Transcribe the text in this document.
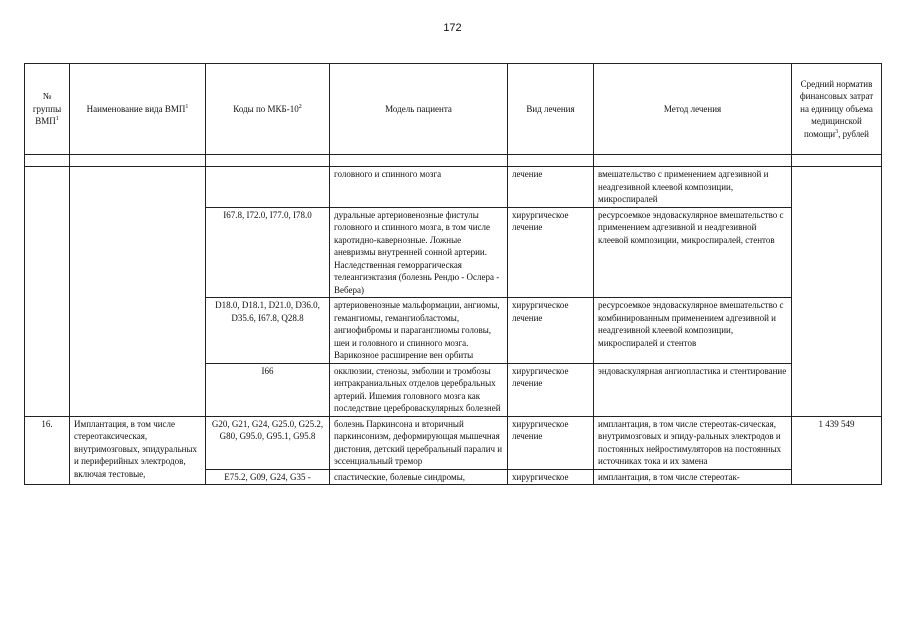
172
№ группы ВМП$^1$	Наименование вида ВМП$^1$	Коды по МКБ-$10^2$	Модель пациента	Вид лечения	Метод лечения	Средний норматив финансовых затрат на единицу объема медицинской помощи$^3$, рублей

			головного и спинного мозга	лечение	вмешательство с применением адгезивной и неадгезивной клеевой композиции, микроспиралей	
		I67.8, I72.0, I77.0, I78.0	дуральные артериовенозные фистулы головного и спинного мозга, в том числе каротидно-кавернозные. Ложные аневризмы внутренней сонной артерии. Наследственная геморрагическая телеангиэктазия (болезнь Рендю - Ослера - Вебера)	хирургическое лечение	ресурсоемкое эндоваскулярное вмешательство с применением адгезивной и неадгезивной клеевой композиции, микроспиралей, стентов	
		D18.0, D18.1, D21.0, D36.0, D35.6, I67.8, Q28.8	артериовенозные мальформации, ангиомы, гемангиомы, гемангиобластомы, ангиофибромы и параганглиомы головы, шеи и головного и спинного мозга. Варикозное расширение вен орбиты	хирургическое лечение	ресурсоемкое эндоваскулярное вмешательство с комбинированным применением адгезивной и неадгезивной клеевой композиции, микроспиралей и стентов	
		I66	окклюзии, стенозы, эмболии и тромбозы интракраниальных отделов церебральных артерий. Ишемия головного мозга как последствие цереброваскулярных болезней	хирургическое лечение	эндоваскулярная ангиопластика и стентирование	
16.	Имплантация, в том числе стереотаксическая, внутримозговых, эпидуральных и периферийных электродов, включая тестовые,	G20, G21, G24, G25.0, G25.2, G80, G95.0, G95.1, G95.8	болезнь Паркинсона и вторичный паркинсонизм, деформирующая мышечная дистония, детский церебральный паралич и эссенциальный тремор	хирургическое лечение	имплантация, в том числе стереотак-сическая, внутримозговых и эпиду-ральных электродов и постоянных нейростимуляторов на постоянных источниках тока и их замена	1 439 549
		E75.2, G09, G24, G35 -	спастические, болевые синдромы,	хирургическое	имплантация, в том числе стереотак-	
